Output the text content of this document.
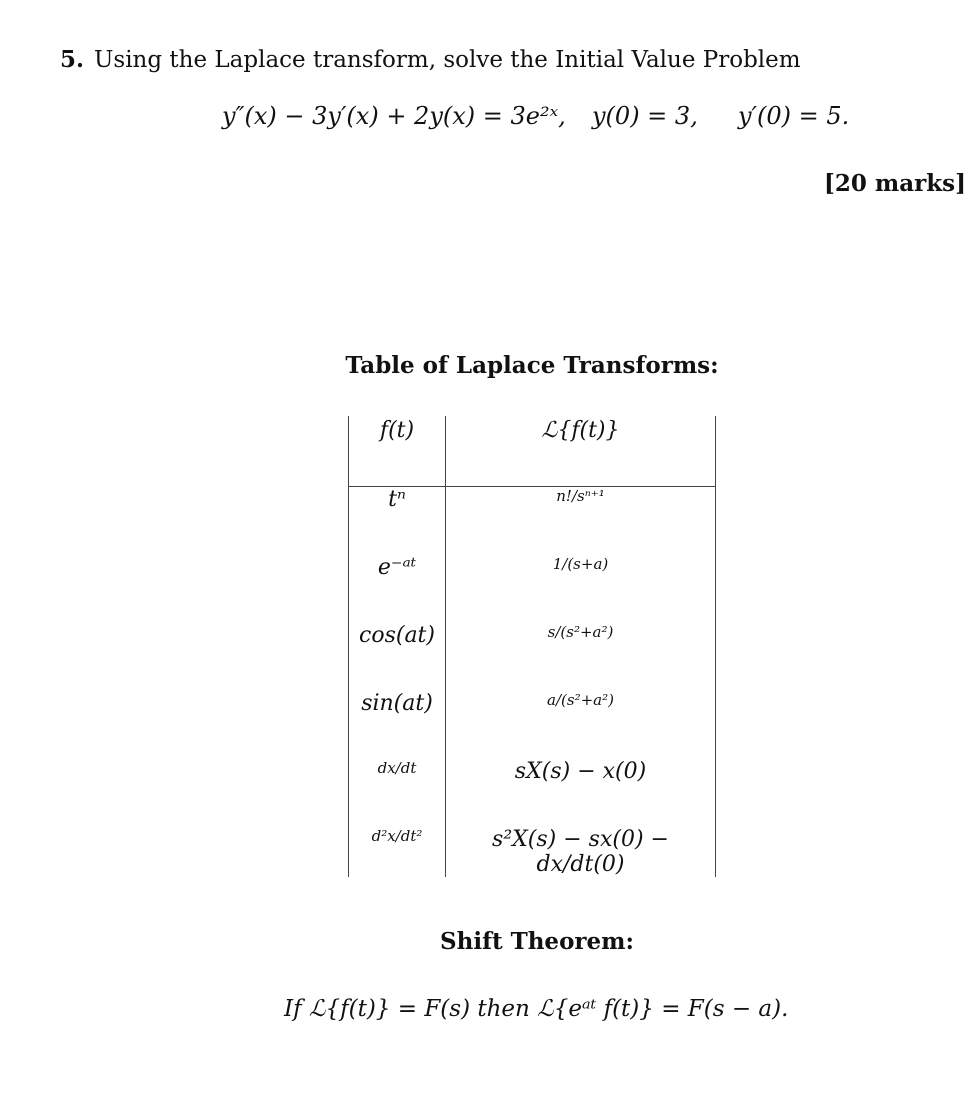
5. Using the Laplace transform, solve the Initial Value Problem
y″(x) − 3y′(x) + 2y(x) = 3e²ˣ, y(0) = 3, y′(0) = 5.
[20 marks]
Table of Laplace Transforms:
f(t)	ℒ{f(t)}
tⁿ	n!/sⁿ⁺¹
e⁻ᵃᵗ	1/(s+a)
cos(at)	s/(s²+a²)
sin(at)	a/(s²+a²)
dx/dt	sX(s) − x(0)
d²x/dt²	s²X(s) − sx(0) − dx/dt(0)
Shift Theorem:
If ℒ{f(t)} = F(s) then ℒ{eᵃᵗ f(t)} = F(s − a).
